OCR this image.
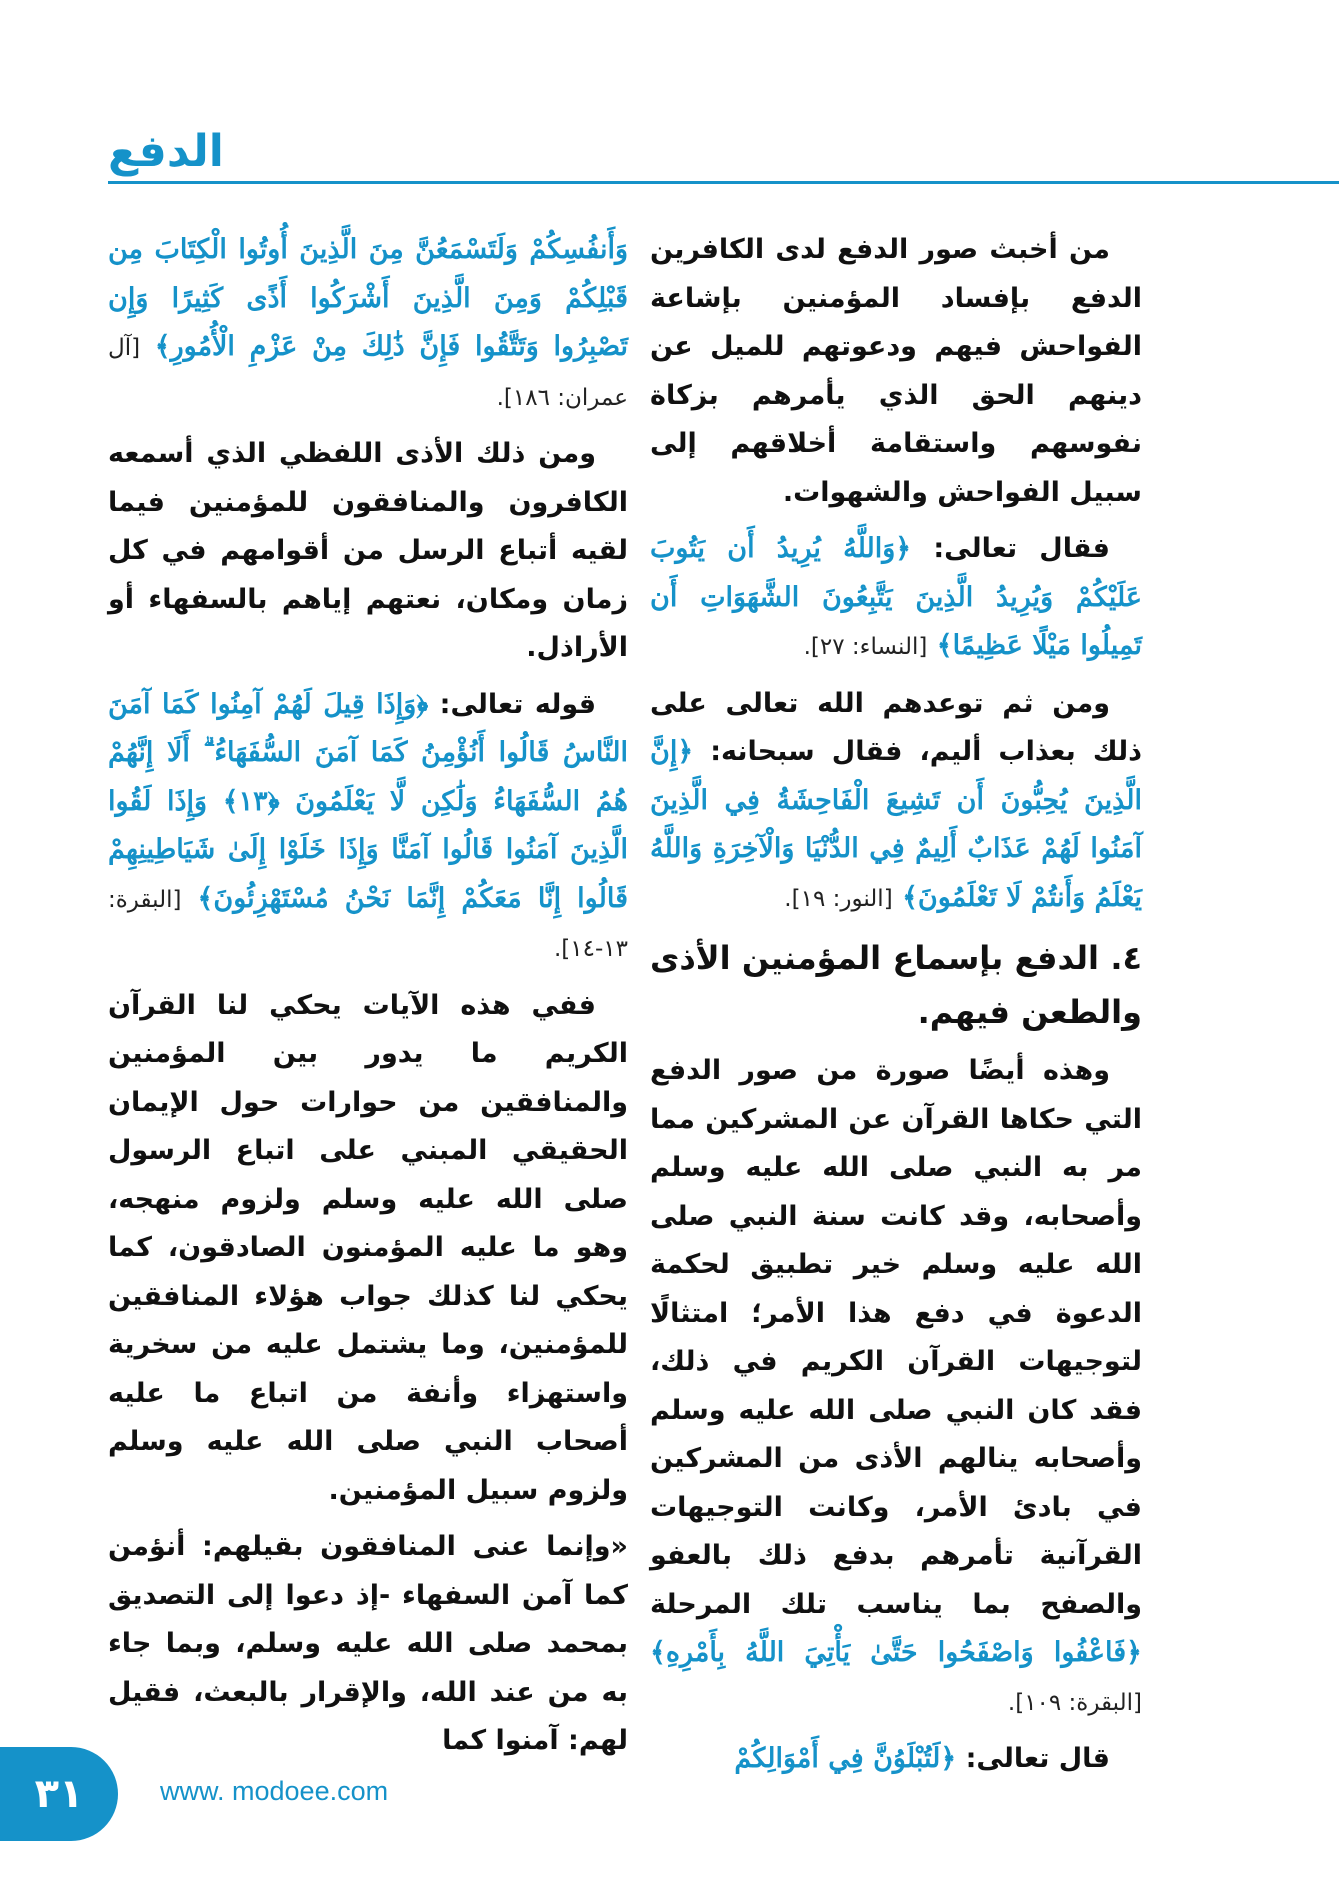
الدفع

من أخبث صور الدفع لدى الكافرين الدفع بإفساد المؤمنين بإشاعة الفواحش فيهم ودعوتهم للميل عن دينهم الحق الذي يأمرهم بزكاة نفوسهم واستقامة أخلاقهم إلى سبيل الفواحش والشهوات.

فقال تعالى: ﴿وَاللَّهُ يُرِيدُ أَن يَتُوبَ عَلَيْكُمْ وَيُرِيدُ الَّذِينَ يَتَّبِعُونَ الشَّهَوَاتِ أَن تَمِيلُوا مَيْلًا عَظِيمًا﴾ [النساء: ٢٧].

ومن ثم توعدهم الله تعالى على ذلك بعذاب أليم، فقال سبحانه: ﴿إِنَّ الَّذِينَ يُحِبُّونَ أَن تَشِيعَ الْفَاحِشَةُ فِي الَّذِينَ آمَنُوا لَهُمْ عَذَابٌ أَلِيمٌ فِي الدُّنْيَا وَالْآخِرَةِ وَاللَّهُ يَعْلَمُ وَأَنتُمْ لَا تَعْلَمُونَ﴾ [النور: ١٩].

٤. الدفع بإسماع المؤمنين الأذى والطعن فيهم.

وهذه أيضًا صورة من صور الدفع التي حكاها القرآن عن المشركين مما مر به النبي صلى الله عليه وسلم وأصحابه، وقد كانت سنة النبي صلى الله عليه وسلم خير تطبيق لحكمة الدعوة في دفع هذا الأمر؛ امتثالًا لتوجيهات القرآن الكريم في ذلك، فقد كان النبي صلى الله عليه وسلم وأصحابه ينالهم الأذى من المشركين في بادئ الأمر، وكانت التوجيهات القرآنية تأمرهم بدفع ذلك بالعفو والصفح بما يناسب تلك المرحلة ﴿فَاعْفُوا وَاصْفَحُوا حَتَّىٰ يَأْتِيَ اللَّهُ بِأَمْرِهِ﴾ [البقرة: ١٠٩].

قال تعالى: ﴿لَتُبْلَوُنَّ فِي أَمْوَالِكُمْ

وَأَنفُسِكُمْ وَلَتَسْمَعُنَّ مِنَ الَّذِينَ أُوتُوا الْكِتَابَ مِن قَبْلِكُمْ وَمِنَ الَّذِينَ أَشْرَكُوا أَذًى كَثِيرًا وَإِن تَصْبِرُوا وَتَتَّقُوا فَإِنَّ ذَٰلِكَ مِنْ عَزْمِ الْأُمُورِ﴾ [آل عمران: ١٨٦].

ومن ذلك الأذى اللفظي الذي أسمعه الكافرون والمنافقون للمؤمنين فيما لقيه أتباع الرسل من أقوامهم في كل زمان ومكان، نعتهم إياهم بالسفهاء أو الأراذل.

قوله تعالى: ﴿وَإِذَا قِيلَ لَهُمْ آمِنُوا كَمَا آمَنَ النَّاسُ قَالُوا أَنُؤْمِنُ كَمَا آمَنَ السُّفَهَاءُ ۗ أَلَا إِنَّهُمْ هُمُ السُّفَهَاءُ وَلَٰكِن لَّا يَعْلَمُونَ ﴿١٣﴾ وَإِذَا لَقُوا الَّذِينَ آمَنُوا قَالُوا آمَنَّا وَإِذَا خَلَوْا إِلَىٰ شَيَاطِينِهِمْ قَالُوا إِنَّا مَعَكُمْ إِنَّمَا نَحْنُ مُسْتَهْزِئُونَ﴾ [البقرة: ١٣-١٤].

ففي هذه الآيات يحكي لنا القرآن الكريم ما يدور بين المؤمنين والمنافقين من حوارات حول الإيمان الحقيقي المبني على اتباع الرسول صلى الله عليه وسلم ولزوم منهجه، وهو ما عليه المؤمنون الصادقون، كما يحكي لنا كذلك جواب هؤلاء المنافقين للمؤمنين، وما يشتمل عليه من سخرية واستهزاء وأنفة من اتباع ما عليه أصحاب النبي صلى الله عليه وسلم ولزوم سبيل المؤمنين.

«وإنما عنى المنافقون بقيلهم: أنؤمن كما آمن السفهاء -إذ دعوا إلى التصديق بمحمد صلى الله عليه وسلم، وبما جاء به من عند الله، والإقرار بالبعث، فقيل لهم: آمنوا كما

٣١	www. modoee.com
